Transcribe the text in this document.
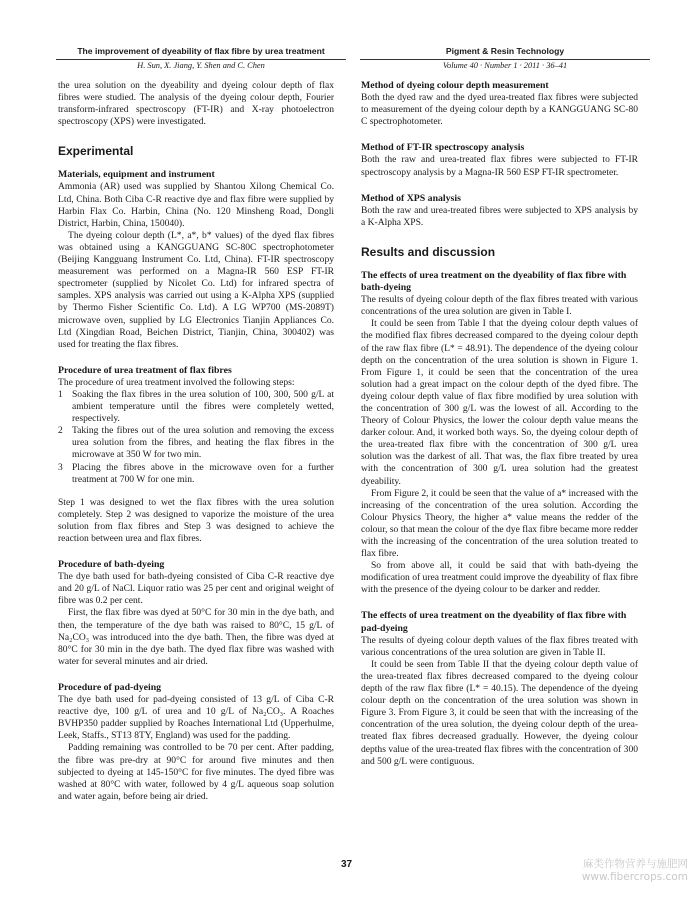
The improvement of dyeability of flax fibre by urea treatment
H. Sun, X. Jiang, Y. Shen and C. Chen
Pigment & Resin Technology
Volume 40 · Number 1 · 2011 · 36–41

the urea solution on the dyeability and dyeing colour depth of flax fibres were studied. The analysis of the dyeing colour depth, Fourier transform-infrared spectroscopy (FT-IR) and X-ray photoelectron spectroscopy (XPS) were investigated.

Experimental
Materials, equipment and instrument

Ammonia (AR) used was supplied by Shantou Xilong Chemical Co. Ltd, China. Both Ciba C-R reactive dye and flax fibre were supplied by Harbin Flax Co. Harbin, China (No. 120 Minsheng Road, Dongli District, Harbin, China, 150040).

The dyeing colour depth (L*, a*, b* values) of the dyed flax fibres was obtained using a KANGGUANG SC-80C spectrophotometer (Beijing Kangguang Instrument Co. Ltd, China). FT-IR spectroscopy measurement was performed on a Magna-IR 560 ESP FT-IR spectrometer (supplied by Nicolet Co. Ltd) for infrared spectra of samples. XPS analysis was carried out using a K-Alpha XPS (supplied by Thermo Fisher Scientific Co. Ltd). A LG WP700 (MS-2089T) microwave oven, supplied by LG Electronics Tianjin Appliances Co. Ltd (Xingdian Road, Beichen District, Tianjin, China, 300402) was used for treating the flax fibres.

Procedure of urea treatment of flax fibres

The procedure of urea treatment involved the following steps:

1 Soaking the flax fibres in the urea solution of 100, 300, 500 g/L at ambient temperature until the fibres were completely wetted, respectively.
2 Taking the fibres out of the urea solution and removing the excess urea solution from the fibres, and heating the flax fibres in the microwave at 350 W for two min.
3 Placing the fibres above in the microwave oven for a further treatment at 700 W for one min.

Step 1 was designed to wet the flax fibres with the urea solution completely. Step 2 was designed to vaporize the moisture of the urea solution from flax fibres and Step 3 was designed to achieve the reaction between urea and flax fibres.

Procedure of bath-dyeing

The dye bath used for bath-dyeing consisted of Ciba C-R reactive dye and 20 g/L of NaCl. Liquor ratio was 25 per cent and original weight of fibre was 0.2 per cent.

First, the flax fibre was dyed at 50°C for 30 min in the dye bath, and then, the temperature of the dye bath was raised to 80°C, 15 g/L of Na₂CO₃ was introduced into the dye bath. Then, the fibre was dyed at 80°C for 30 min in the dye bath. The dyed flax fibre was washed with water for several minutes and air dried.

Procedure of pad-dyeing

The dye bath used for pad-dyeing consisted of 13 g/L of Ciba C-R reactive dye, 100 g/L of urea and 10 g/L of Na₂CO₃. A Roaches BVHP350 padder supplied by Roaches International Ltd (Upperhulme, Leek, Staffs., ST13 8TY, England) was used for the padding.

Padding remaining was controlled to be 70 per cent. After padding, the fibre was pre-dry at 90°C for around five minutes and then subjected to dyeing at 145-150°C for five minutes. The dyed fibre was washed at 80°C with water, followed by 4 g/L aqueous soap solution and water again, before being air dried.

Method of dyeing colour depth measurement

Both the dyed raw and the dyed urea-treated flax fibres were subjected to measurement of the dyeing colour depth by a KANGGUANG SC-80 C spectrophotometer.

Method of FT-IR spectroscopy analysis

Both the raw and urea-treated flax fibres were subjected to FT-IR spectroscopy analysis by a Magna-IR 560 ESP FT-IR spectrometer.

Method of XPS analysis

Both the raw and urea-treated fibres were subjected to XPS analysis by a K-Alpha XPS.

Results and discussion
The effects of urea treatment on the dyeability of flax fibre with bath-dyeing

The results of dyeing colour depth of the flax fibres treated with various concentrations of the urea solution are given in Table I.

It could be seen from Table I that the dyeing colour depth values of the modified flax fibres decreased compared to the dyeing colour depth of the raw flax fibre (L* = 48.91). The dependence of the dyeing colour depth on the concentration of the urea solution is shown in Figure 1. From Figure 1, it could be seen that the concentration of the urea solution had a great impact on the colour depth of the dyed fibre. The dyeing colour depth value of flax fibre modified by urea solution with the concentration of 300 g/L was the lowest of all. According to the Theory of Colour Physics, the lower the colour depth value means the darker colour. And, it worked both ways. So, the dyeing colour depth of the urea-treated flax fibre with the concentration of 300 g/L urea solution was the darkest of all. That was, the flax fibre treated by urea with the concentration of 300 g/L urea solution had the greatest dyeability.

From Figure 2, it could be seen that the value of a* increased with the increasing of the concentration of the urea solution. According the Colour Physics Theory, the higher a* value means the redder of the colour, so that mean the colour of the dye flax fibre became more redder with the increasing of the concentration of the urea solution treated to flax fibre.

So from above all, it could be said that with bath-dyeing the modification of urea treatment could improve the dyeability of flax fibre with the presence of the dyeing colour to be darker and redder.

The effects of urea treatment on the dyeability of flax fibre with pad-dyeing

The results of dyeing colour depth values of the flax fibres treated with various concentrations of the urea solution are given in Table II.

It could be seen from Table II that the dyeing colour depth value of the urea-treated flax fibres decreased compared to the dyeing colour depth of the raw flax fibre (L* = 40.15). The dependence of the dyeing colour depth on the concentration of the urea solution was shown in Figure 3. From Figure 3, it could be seen that with the increasing of the concentration of the urea solution, the dyeing colour depth of the urea-treated flax fibres decreased gradually. However, the dyeing colour depths value of the urea-treated flax fibres with the concentration of 300 and 500 g/L were contiguous.

37	麻类作物营养与施肥网
www.fibercrops.com
